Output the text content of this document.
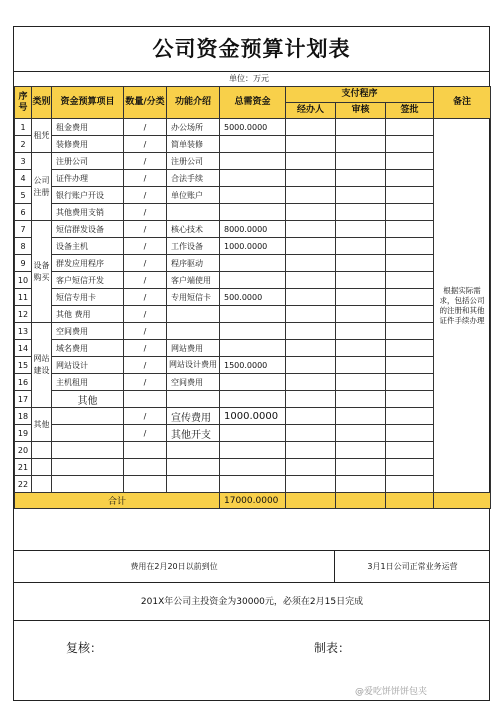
公司资金预算计划表
单位：万元
序号	类别	资金预算项目	数量/分类	功能介绍	总需资金	支付程序			备注
						经办人	审核	签批	
1	租凭	租金费用	/	办公场所	5000.0000				根据实际需求，包括公司的注册和其他证件手续办理
2		装修费用	/	简单装修					
3	公司注册	注册公司	/	注册公司					
4		证件办理	/	合法手续					
5		银行账户开设	/	单位账户					
6		其他费用支销	/						
7	设备购买	短信群发设备	/	核心技术	8000.0000				
8		设备主机	/	工作设备	1000.0000				
9		群发应用程序	/	程序驱动					
10		客户短信开发	/	客户端使用					
11		短信专用卡	/	专用短信卡	500.0000				
12		其他 费用	/						
13	网站建设	空间费用	/						
14		域名费用	/	网站费用					
15		网站设计	/	网站设计费用	1500.0000				
16		主机租用	/	空间费用					
17		其他							
18	其他		/	宣传费用	1000.0000				
19			/	其他开支					
20									
21									
22									
合计					17000.0000				
费用在2月20日以前到位	3月1日公司正常业务运营
201X年公司主投资金为30000元，必须在2月15日完成
复核：	制表：
@爱吃饼饼饼包夹
